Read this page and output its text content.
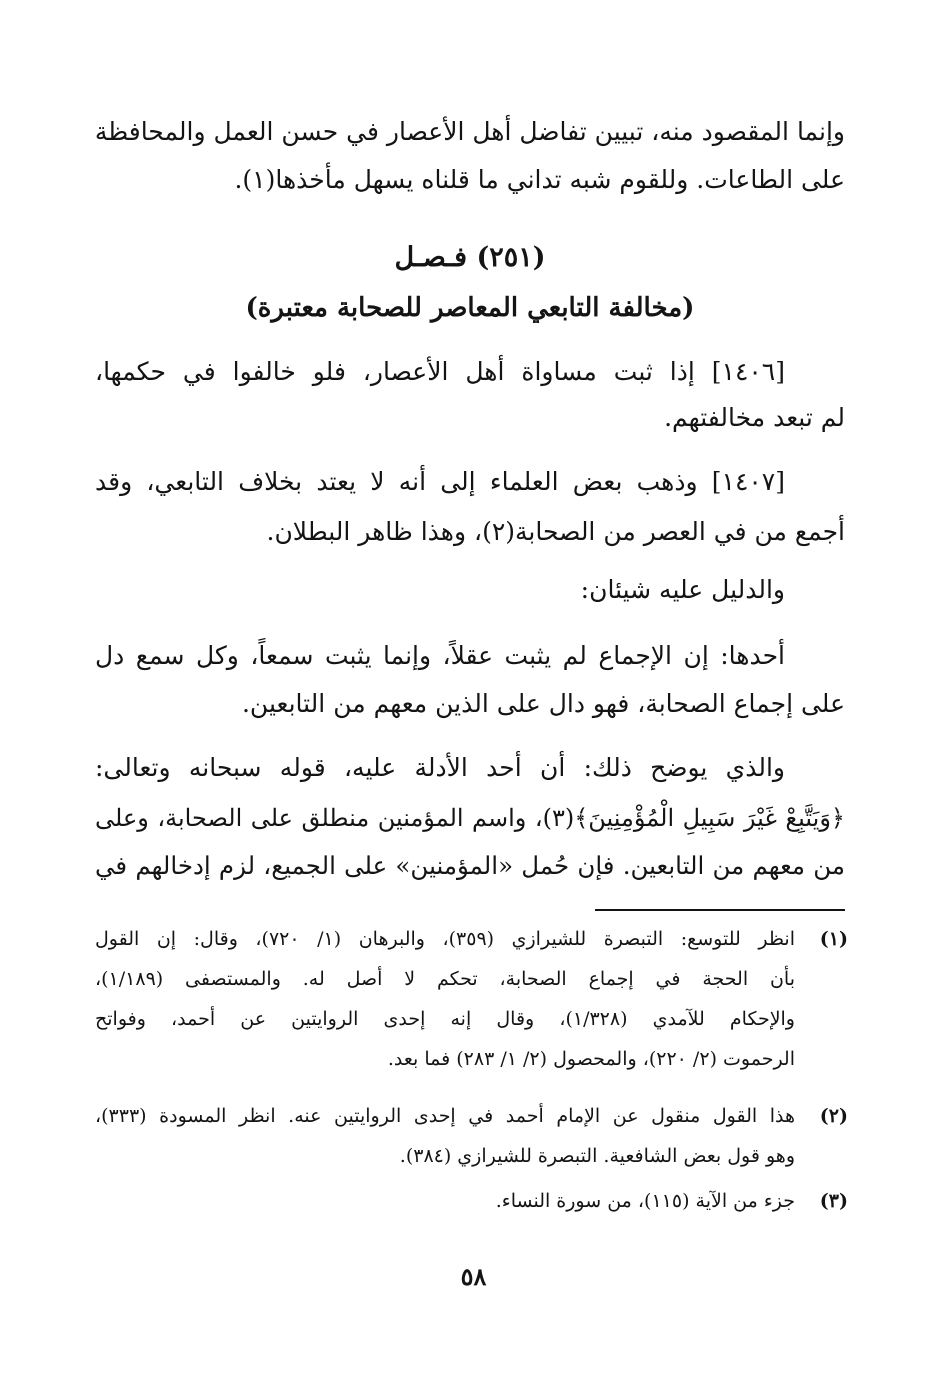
وإنما المقصود منه، تبيين تفاضل أهل الأعصار في حسن العمل والمحافظة
على الطاعات. وللقوم شبه تداني ما قلناه يسهل مأخذها(١).
(٢٥١) فـصـل
(مخالفة التابعي المعاصر للصحابة معتبرة)
[١٤٠٦] إذا ثبت مساواة أهل الأعصار، فلو خالفوا في حكمها،
لم تبعد مخالفتهم.
[١٤٠٧] وذهب بعض العلماء إلى أنه لا يعتد بخلاف التابعي، وقد
أجمع من في العصر من الصحابة(٢)، وهذا ظاهر البطلان.
والدليل عليه شيئان:
أحدها: إن الإجماع لم يثبت عقلاً، وإنما يثبت سمعاً، وكل سمع دل
على إجماع الصحابة، فهو دال على الذين معهم من التابعين.
والذي يوضح ذلك: أن أحد الأدلة عليه، قوله سبحانه وتعالى:
﴿وَيَتَّبِعْ غَيْرَ سَبِيلِ الْمُؤْمِنِينَ﴾(٣)، واسم المؤمنين منطلق على الصحابة، وعلى
من معهم من التابعين. فإن حُمل «المؤمنين» على الجميع، لزم إدخالهم في
(١)
انظر للتوسع: التبصرة للشيرازي (٣٥٩)، والبرهان (١/ ٧٢٠)، وقال: إن القول
بأن الحجة في إجماع الصحابة، تحكم لا أصل له. والمستصفى (١/١٨٩)،
والإحكام للآمدي (١/٣٢٨)، وقال إنه إحدى الروايتين عن أحمد، وفواتح
الرحموت (٢/ ٢٢٠)، والمحصول (٢/ ١/ ٢٨٣) فما بعد.
(٢)
هذا القول منقول عن الإمام أحمد في إحدى الروايتين عنه. انظر المسودة (٣٣٣)،
وهو قول بعض الشافعية. التبصرة للشيرازي (٣٨٤).
(٣)
جزء من الآية (١١٥)، من سورة النساء.
٥٨
